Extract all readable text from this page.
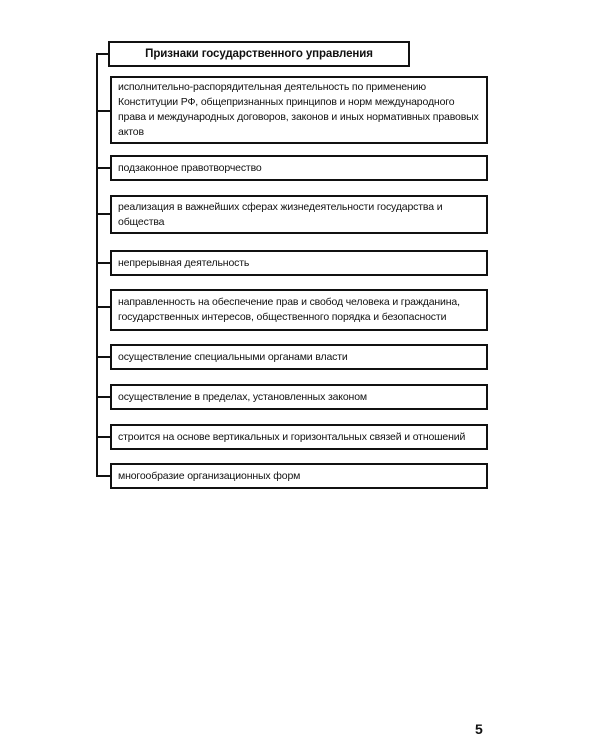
Признаки государственного управления
исполнительно-распорядительная деятельность по применению Конституции РФ, общепризнанных принципов и норм международного права и международных договоров, законов и иных нормативных правовых актов
подзаконное правотворчество
реализация в важнейших сферах жизнедеятельности государства и общества
непрерывная деятельность
направленность на обеспечение прав и свобод человека и гражданина, государственных интересов, общественного порядка и безопасности
осуществление специальными органами власти
осуществление в пределах, установленных законом
строится на основе вертикальных и горизонтальных связей и отношений
многообразие организационных форм
5
